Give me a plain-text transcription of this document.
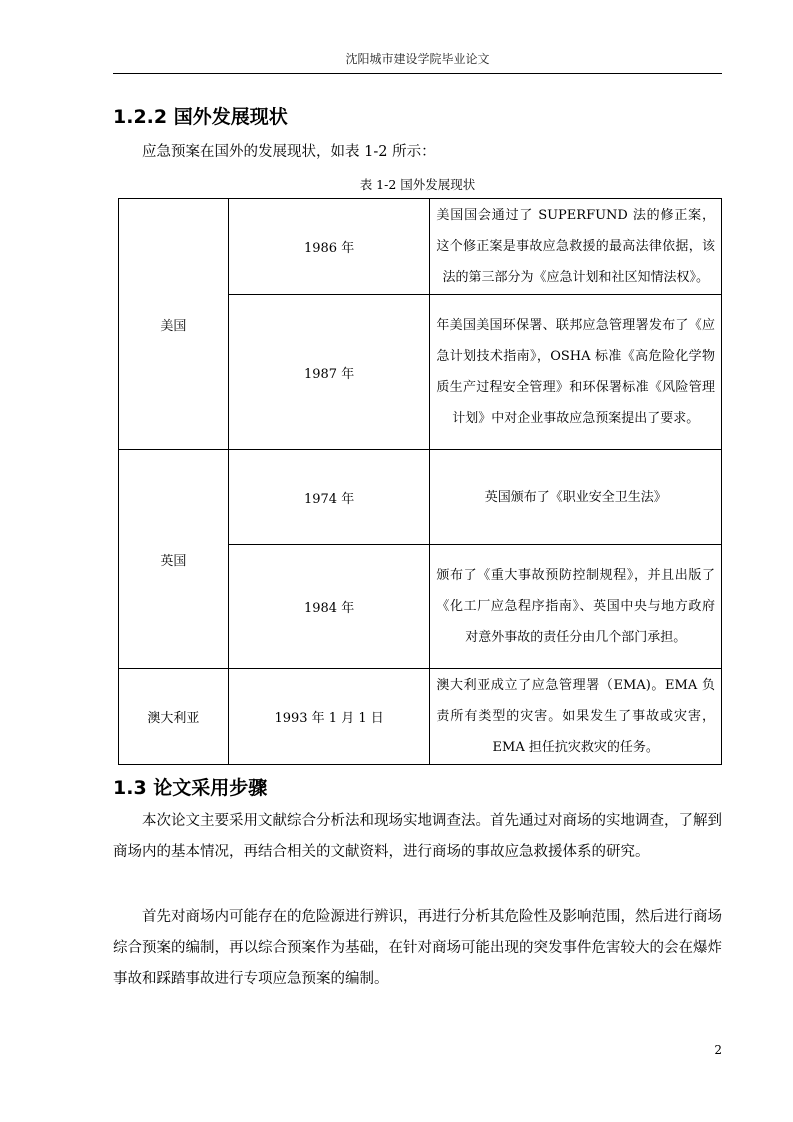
沈阳城市建设学院毕业论文
1.2.2 国外发展现状

应急预案在国外的发展现状，如表 1-2 所示：

表 1-2 国外发展现状
美国	1986 年	美国国会通过了 SUPERFUND 法的修正案，这个修正案是事故应急救援的最高法律依据，该法的第三部分为《应急计划和社区知情法权》。
	1987 年	年美国美国环保署、联邦应急管理署发布了《应急计划技术指南》，OSHA 标准《高危险化学物质生产过程安全管理》和环保署标准《风险管理计划》中对企业事故应急预案提出了要求。
英国	1974 年	英国颁布了《职业安全卫生法》
	1984 年	颁布了《重大事故预防控制规程》，并且出版了《化工厂应急程序指南》、英国中央与地方政府对意外事故的责任分由几个部门承担。
澳大利亚	1993 年 1 月 1 日	澳大利亚成立了应急管理署（EMA)。EMA 负责所有类型的灾害。如果发生了事故或灾害，EMA 担任抗灾救灾的任务。
1.3 论文采用步骤

本次论文主要采用文献综合分析法和现场实地调查法。首先通过对商场的实地调查，了解到商场内的基本情况，再结合相关的文献资料，进行商场的事故应急救援体系的研究。

首先对商场内可能存在的危险源进行辨识，再进行分析其危险性及影响范围，然后进行商场综合预案的编制，再以综合预案作为基础，在针对商场可能出现的突发事件危害较大的会在爆炸事故和踩踏事故进行专项应急预案的编制。

2
